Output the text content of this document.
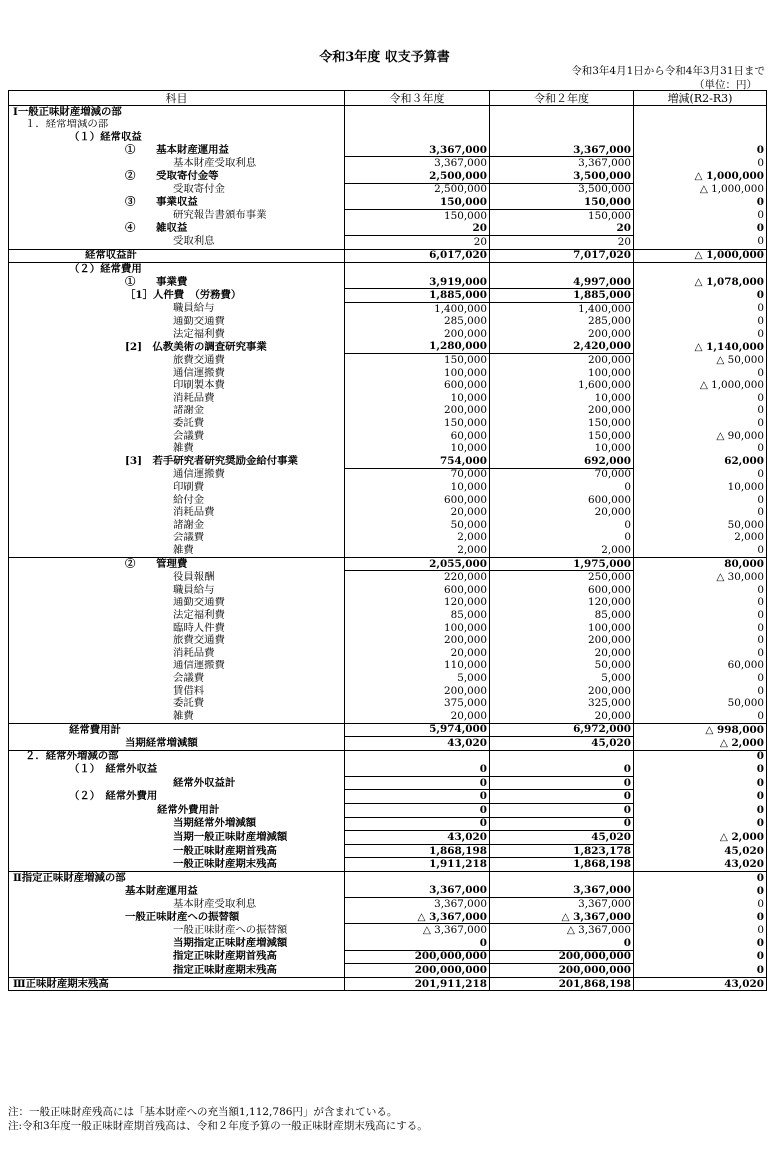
令和3年度 収支予算書
令和3年4月1日から令和4年3月31日まで
（単位：円）
科目	令和３年度	令和２年度	増減(R2-R3)
Ⅰ一般正味財産増減の部			
１．経常増減の部			
（１）経常収益			
①　　基本財産運用益	3,367,000	3,367,000	0
基本財産受取利息	3,367,000	3,367,000	0
②　　受取寄付金等	2,500,000	3,500,000	△ 1,000,000
受取寄付金	2,500,000	3,500,000	△ 1,000,000
③　　事業収益	150,000	150,000	0
研究報告書頒布事業	150,000	150,000	0
④　　雑収益	20	20	0
受取利息	20	20	0
経常収益計	6,017,020	7,017,020	△ 1,000,000
（２）経常費用			
①　　事業費	3,919,000	4,997,000	△ 1,078,000
［1］人件費　（労務費）	1,885,000	1,885,000	0
職員給与	1,400,000	1,400,000	0
通勤交通費	285,000	285,000	0
法定福利費	200,000	200,000	0
[2]　仏教美術の調査研究事業	1,280,000	2,420,000	△ 1,140,000
旅費交通費	150,000	200,000	△ 50,000
通信運搬費	100,000	100,000	0
印刷製本費	600,000	1,600,000	△ 1,000,000
消耗品費	10,000	10,000	0
諸謝金	200,000	200,000	0
委託費	150,000	150,000	0
会議費	60,000	150,000	△ 90,000
雑費	10,000	10,000	0
[3]　若手研究者研究奨励金給付事業	754,000	692,000	62,000
通信運搬費	70,000	70,000	0
印刷費	10,000	0	10,000
給付金	600,000	600,000	0
消耗品費	20,000	20,000	0
諸謝金	50,000	0	50,000
会議費	2,000	0	2,000
雑費	2,000	2,000	0
②　　管理費	2,055,000	1,975,000	80,000
役員報酬	220,000	250,000	△ 30,000
職員給与	600,000	600,000	0
通勤交通費	120,000	120,000	0
法定福利費	85,000	85,000	0
臨時人件費	100,000	100,000	0
旅費交通費	200,000	200,000	0
消耗品費	20,000	20,000	0
通信運搬費	110,000	50,000	60,000
会議費	5,000	5,000	0
賃借料	200,000	200,000	0
委託費	375,000	325,000	50,000
雑費	20,000	20,000	0
経常費用計	5,974,000	6,972,000	△ 998,000
当期経常増減額	43,020	45,020	△ 2,000
２．経常外増減の部			0
（１）　経常外収益	0	0	0
経常外収益計	0	0	0
（２）　経常外費用	0	0	0
経常外費用計	0	0	0
当期経常外増減額	0	0	0
当期一般正味財産増減額	43,020	45,020	△ 2,000
一般正味財産期首残高	1,868,198	1,823,178	45,020
一般正味財産期末残高	1,911,218	1,868,198	43,020
Ⅱ指定正味財産増減の部			0
基本財産運用益	3,367,000	3,367,000	0
基本財産受取利息	3,367,000	3,367,000	0
一般正味財産への振替額	△ 3,367,000	△ 3,367,000	0
一般正味財産への振替額	△ 3,367,000	△ 3,367,000	0
当期指定正味財産増減額	0	0	0
指定正味財産期首残高	200,000,000	200,000,000	0
指定正味財産期末残高	200,000,000	200,000,000	0
Ⅲ正味財産期末残高	201,911,218	201,868,198	43,020
注：一般正味財産残高には「基本財産への充当額1,112,786円」が含まれている。
注:令和3年度一般正味財産期首残高は、令和２年度予算の一般正味財産期末残高にする。
